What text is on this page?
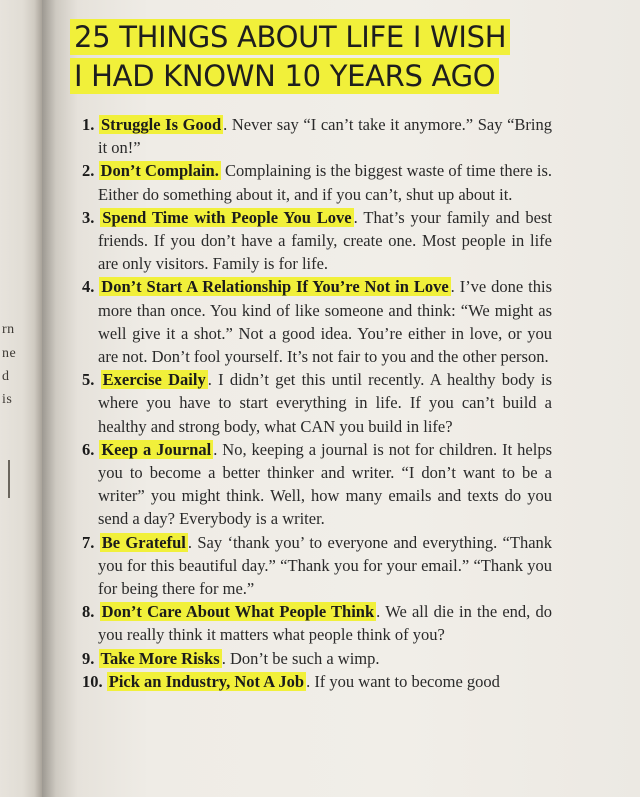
rn
ne
d
is
25 THINGS ABOUT LIFE I WISH
I HAD KNOWN 10 YEARS AGO

1. Struggle Is Good . Never say “I can’t take it anymore.” Say “Bring it on!”

2. Don’t Complain. Complaining is the biggest waste of time there is. Either do something about it, and if you can’t, shut up about it.

3. Spend Time with People You Love . That’s your family and best friends. If you don’t have a family, create one. Most people in life are only visitors. Family is for life.

4. Don’t Start A Relationship If You’re Not in Love . I’ve done this more than once. You kind of like someone and think: “We might as well give it a shot.” Not a good idea. You’re either in love, or you are not. Don’t fool yourself. It’s not fair to you and the other person.

5. Exercise Daily . I didn’t get this until recently. A healthy body is where you have to start everything in life. If you can’t build a healthy and strong body, what CAN you build in life?

6. Keep a Journal . No, keeping a journal is not for children. It helps you to become a better thinker and writer. “I don’t want to be a writer” you might think. Well, how many emails and texts do you send a day? Everybody is a writer.

7. Be Grateful . Say ‘thank you’ to everyone and everything. “Thank you for this beautiful day.” “Thank you for your email.” “Thank you for being there for me.”

8. Don’t Care About What People Think . We all die in the end, do you really think it matters what people think of you?

9. Take More Risks . Don’t be such a wimp.

10. Pick an Industry, Not A Job . If you want to become good
